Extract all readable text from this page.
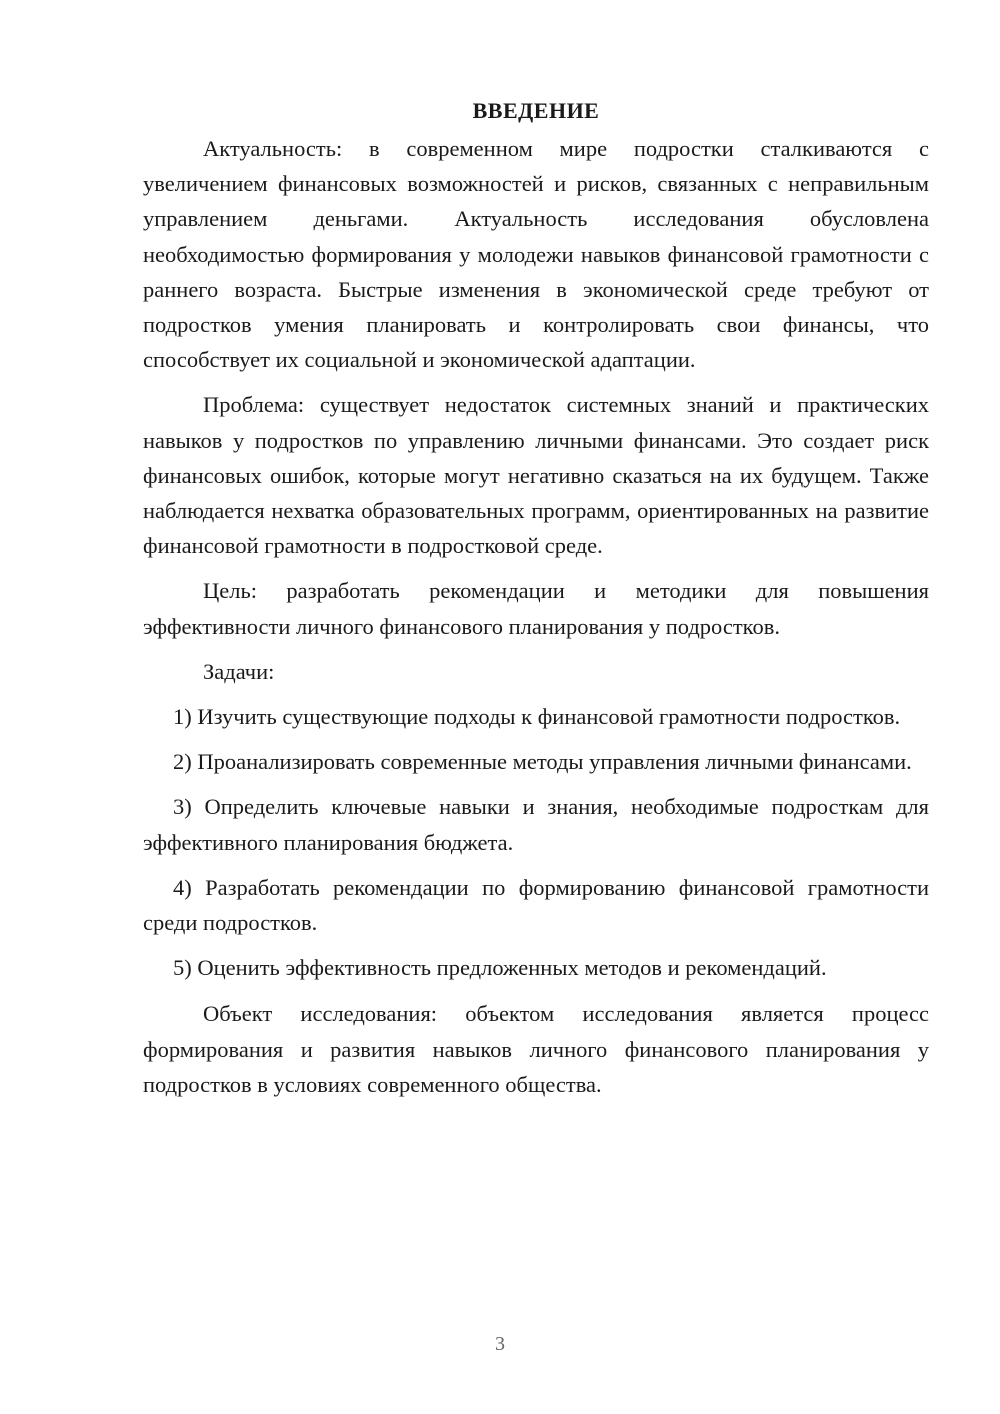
ВВЕДЕНИЕ

Актуальность: в современном мире подростки сталкиваются с увеличением финансовых возможностей и рисков, связанных с неправильным управлением деньгами. Актуальность исследования обусловлена необходимостью формирования у молодежи навыков финансовой грамотности с раннего возраста. Быстрые изменения в экономической среде требуют от подростков умения планировать и контролировать свои финансы, что способствует их социальной и экономической адаптации.

Проблема: существует недостаток системных знаний и практических навыков у подростков по управлению личными финансами. Это создает риск финансовых ошибок, которые могут негативно сказаться на их будущем. Также наблюдается нехватка образовательных программ, ориентированных на развитие финансовой грамотности в подростковой среде.

Цель: разработать рекомендации и методики для повышения эффективности личного финансового планирования у подростков.

Задачи:

1) Изучить существующие подходы к финансовой грамотности подростков.

2) Проанализировать современные методы управления личными финансами.

3) Определить ключевые навыки и знания, необходимые подросткам для эффективного планирования бюджета.

4) Разработать рекомендации по формированию финансовой грамотности среди подростков.

5) Оценить эффективность предложенных методов и рекомендаций.

Объект исследования: объектом исследования является процесс формирования и развития навыков личного финансового планирования у подростков в условиях современного общества.

3
